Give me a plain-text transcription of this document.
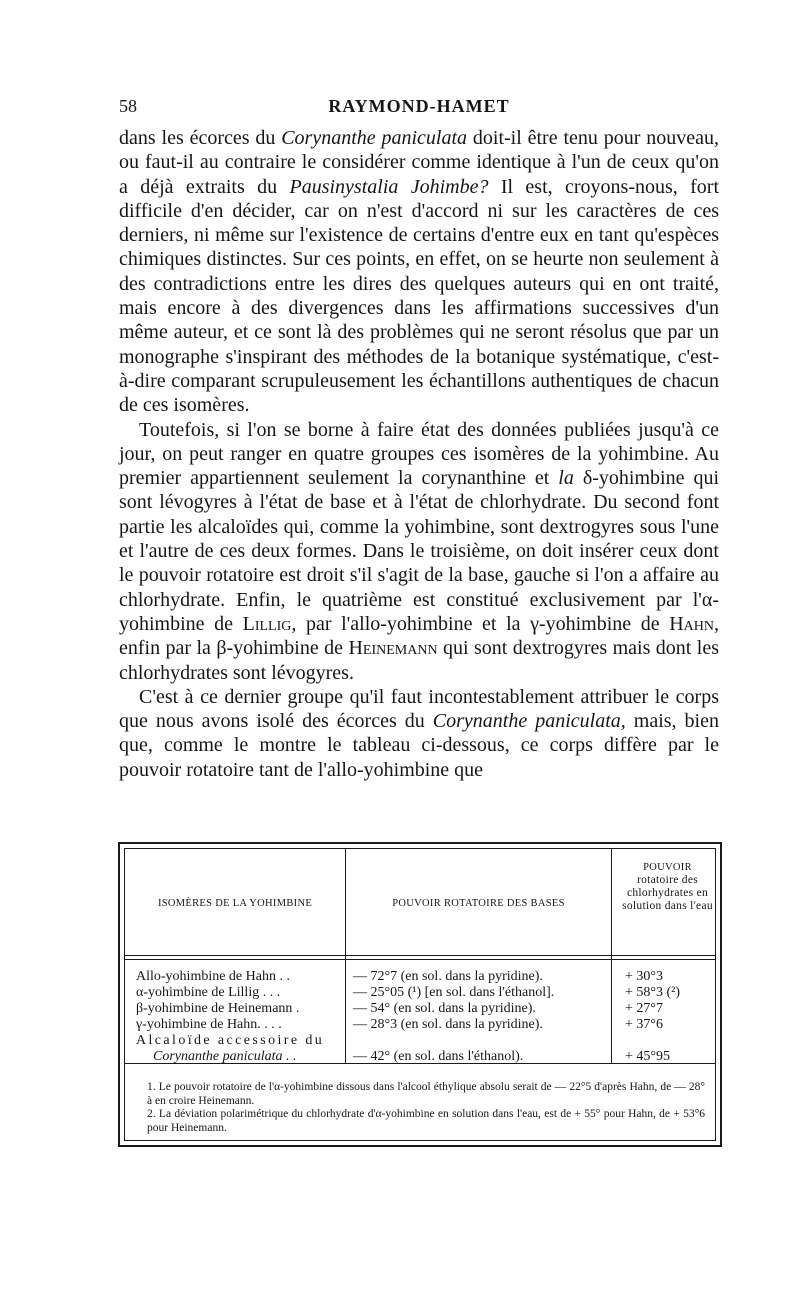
58	RAYMOND-HAMET

dans les écorces du Corynanthe paniculata doit-il être tenu pour nouveau, ou faut-il au contraire le considérer comme identique à l'un de ceux qu'on a déjà extraits du Pausinystalia Johimbe? Il est, croyons-nous, fort difficile d'en décider, car on n'est d'accord ni sur les caractères de ces derniers, ni même sur l'existence de certains d'entre eux en tant qu'espèces chimiques distinctes. Sur ces points, en effet, on se heurte non seulement à des contradictions entre les dires des quelques auteurs qui en ont traité, mais encore à des divergences dans les affirmations successives d'un même auteur, et ce sont là des problèmes qui ne seront résolus que par un monographe s'inspirant des méthodes de la botanique systématique, c'est-à-dire comparant scrupuleusement les échantillons authentiques de chacun de ces isomères.

Toutefois, si l'on se borne à faire état des données publiées jusqu'à ce jour, on peut ranger en quatre groupes ces isomères de la yohimbine. Au premier appartiennent seulement la corynanthine et la δ-yohimbine qui sont lévogyres à l'état de base et à l'état de chlorhydrate. Du second font partie les alcaloïdes qui, comme la yohimbine, sont dextrogyres sous l'une et l'autre de ces deux formes. Dans le troisième, on doit insérer ceux dont le pouvoir rotatoire est droit s'il s'agit de la base, gauche si l'on a affaire au chlorhydrate. Enfin, le quatrième est constitué exclusivement par l'α-yohimbine de Lillig, par l'allo-yohimbine et la γ-yohimbine de Hahn, enfin par la β-yohimbine de Heinemann qui sont dextrogyres mais dont les chlorhydrates sont lévogyres.

C'est à ce dernier groupe qu'il faut incontestablement attribuer le corps que nous avons isolé des écorces du Corynanthe paniculata, mais, bien que, comme le montre le tableau ci-dessous, ce corps diffère par le pouvoir rotatoire tant de l'allo-yohimbine que

ISOMÈRES DE LA YOHIMBINE	POUVOIR ROTATOIRE DES BASES
POUVOIR
rotatoire des chlorhydrates en solution dans l'eau
Allo-yohimbine de Hahn . .	— 72°7 (en sol. dans la pyridine).	+ 30°3
α-yohimbine de Lillig . . .	— 25°05 (¹) [en sol. dans l'éthanol].	+ 58°3 (²)
β-yohimbine de Heinemann .	— 54° (en sol. dans la pyridine).	+ 27°7
γ-yohimbine de Hahn. . . .	— 28°3 (en sol. dans la pyridine).	+ 37°6
Alcaloïde accessoire du
Corynanthe paniculata . .	— 42° (en sol. dans l'éthanol).	+ 45°95
1. Le pouvoir rotatoire de l'α-yohimbine dissous dans l'alcool éthylique absolu serait de — 22°5 d'après Hahn, de — 28° à en croire Heinemann.
2. La déviation polarimétrique du chlorhydrate d'α-yohimbine en solution dans l'eau, est de + 55° pour Hahn, de + 53°6 pour Heinemann.
